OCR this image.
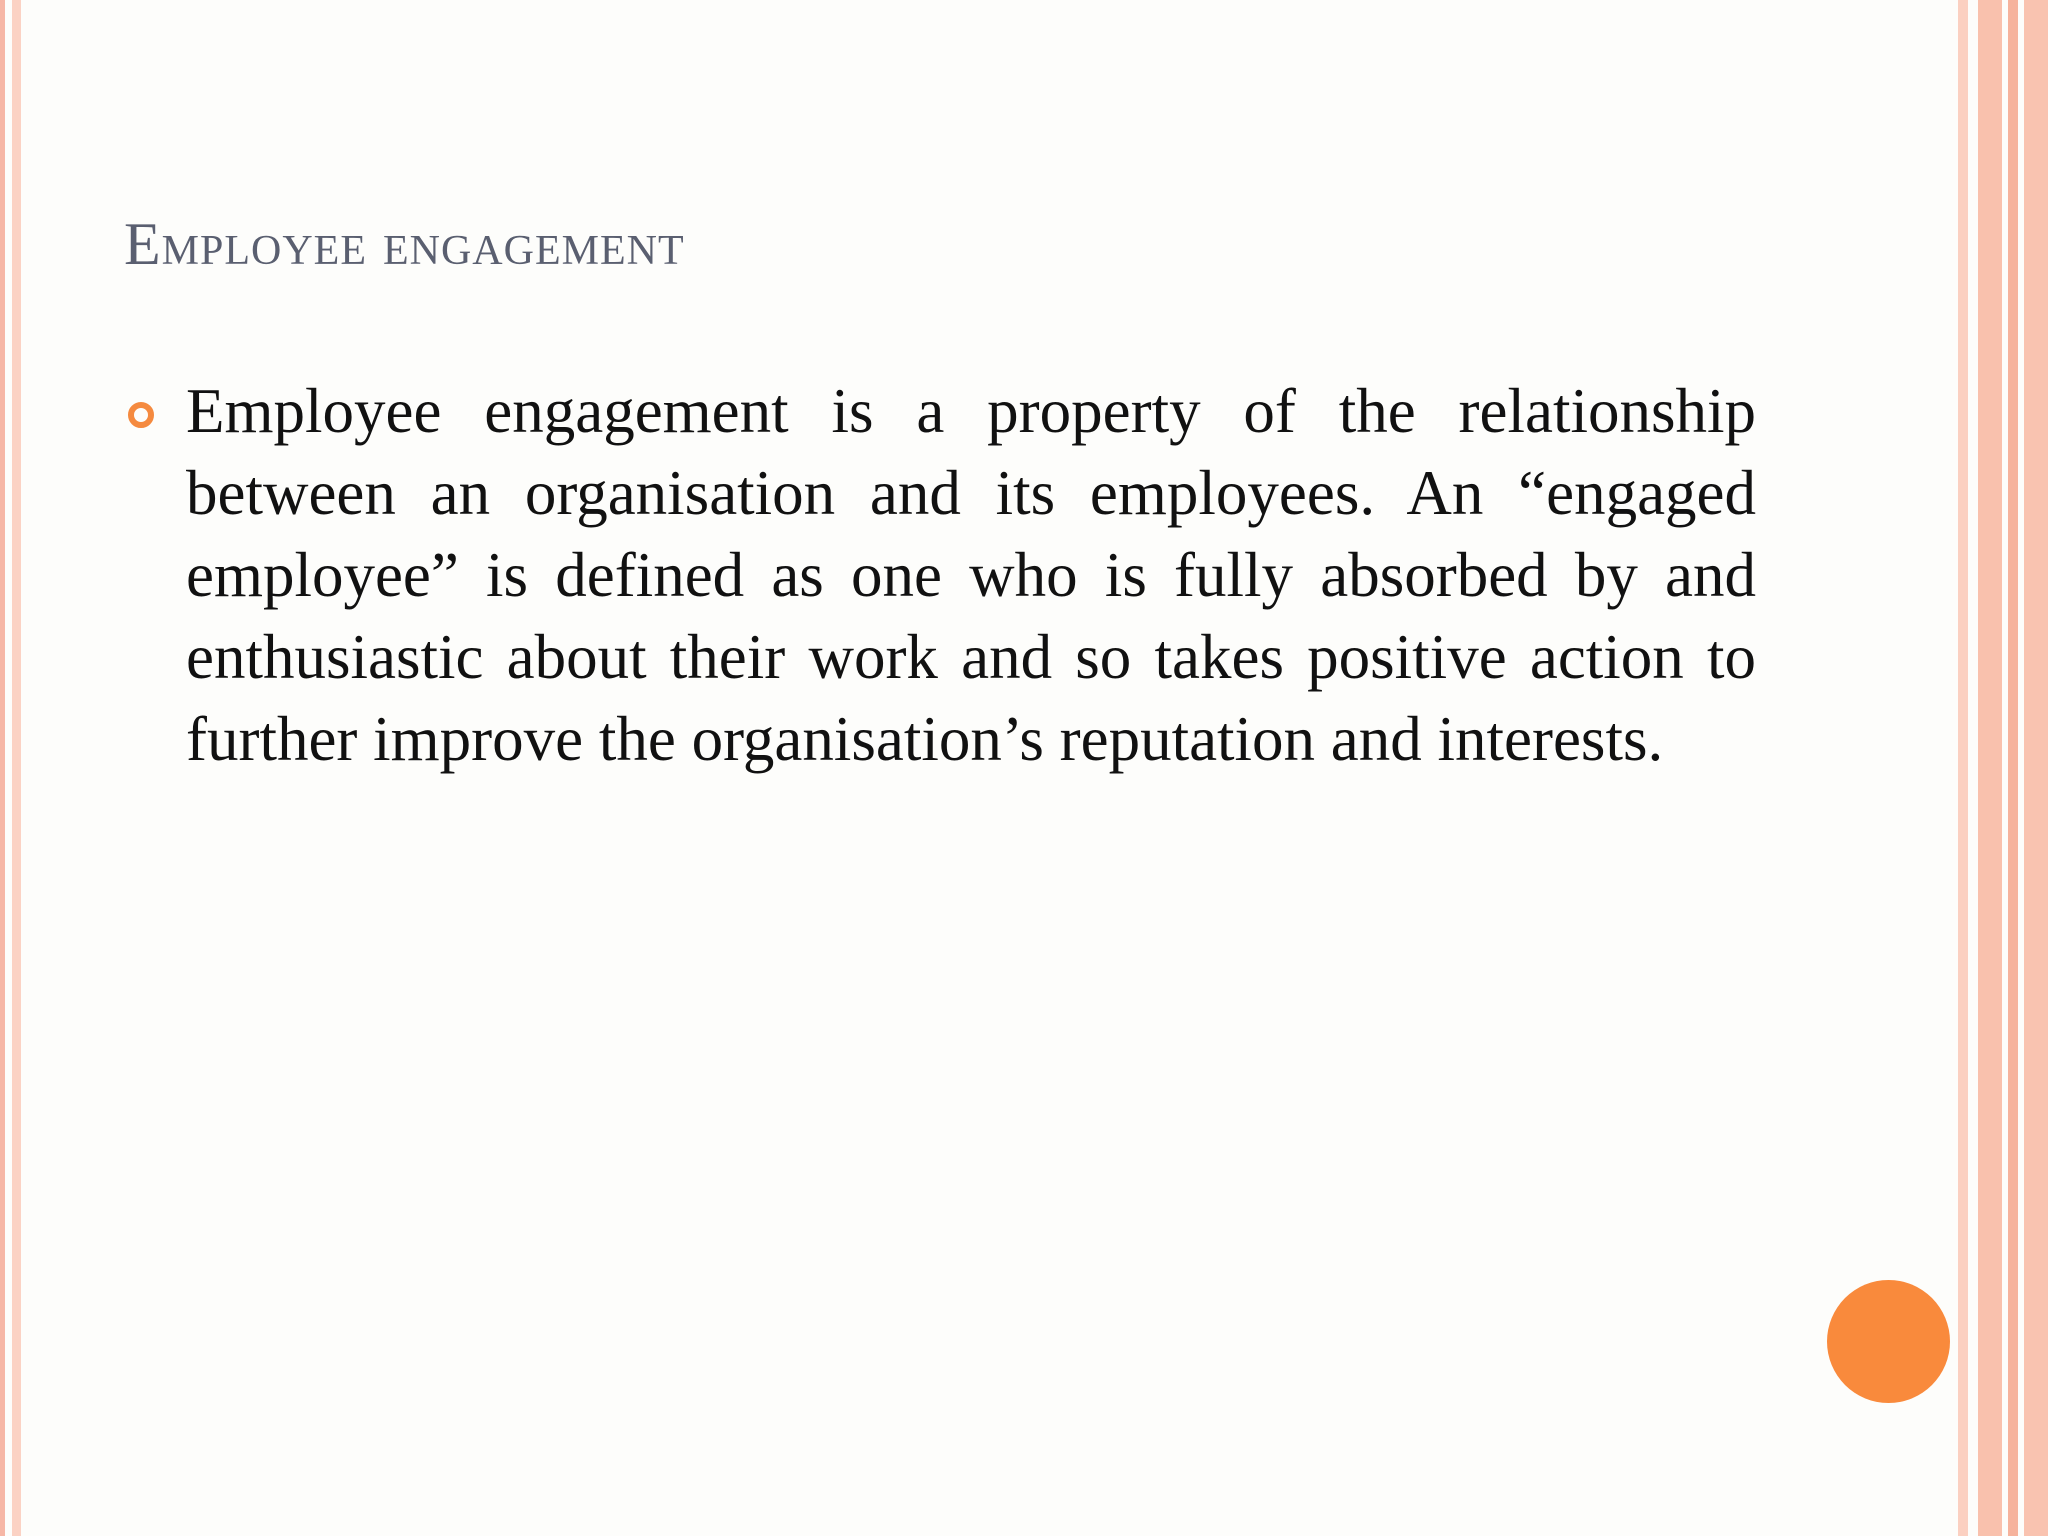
Employee engagement
Employee engagement is a property of the relationship between an organisation and its employees. An “engaged employee” is defined as one who is fully absorbed by and enthusiastic about their work and so takes positive action to further improve the organisation’s reputation and interests.
